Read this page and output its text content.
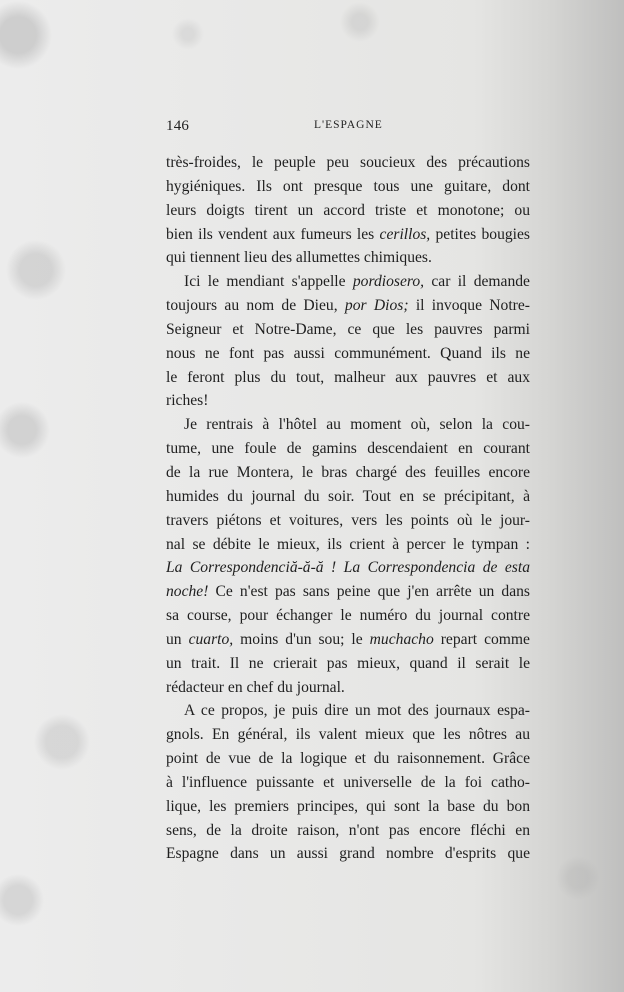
146	L'ESPAGNE
très-froides, le peuple peu soucieux des précautions
hygiéniques. Ils ont presque tous une guitare, dont
leurs doigts tirent un accord triste et monotone; ou
bien ils vendent aux fumeurs les cerillos, petites bougies
qui tiennent lieu des allumettes chimiques.
Ici le mendiant s'appelle pordiosero, car il demande
toujours au nom de Dieu, por Dios; il invoque Notre-
Seigneur et Notre-Dame, ce que les pauvres parmi
nous ne font pas aussi communément. Quand ils ne
le feront plus du tout, malheur aux pauvres et aux
riches!
Je rentrais à l'hôtel au moment où, selon la cou-
tume, une foule de gamins descendaient en courant
de la rue Montera, le bras chargé des feuilles encore
humides du journal du soir. Tout en se précipitant, à
travers piétons et voitures, vers les points où le jour-
nal se débite le mieux, ils crient à percer le tympan :
La Correspondenciă-ă-ă ! La Correspondencia de esta
noche! Ce n'est pas sans peine que j'en arrête un dans
sa course, pour échanger le numéro du journal contre
un cuarto, moins d'un sou; le muchacho repart comme
un trait. Il ne crierait pas mieux, quand il serait le
rédacteur en chef du journal.
A ce propos, je puis dire un mot des journaux espa-
gnols. En général, ils valent mieux que les nôtres au
point de vue de la logique et du raisonnement. Grâce
à l'influence puissante et universelle de la foi catho-
lique, les premiers principes, qui sont la base du bon
sens, de la droite raison, n'ont pas encore fléchi en
Espagne dans un aussi grand nombre d'esprits que
